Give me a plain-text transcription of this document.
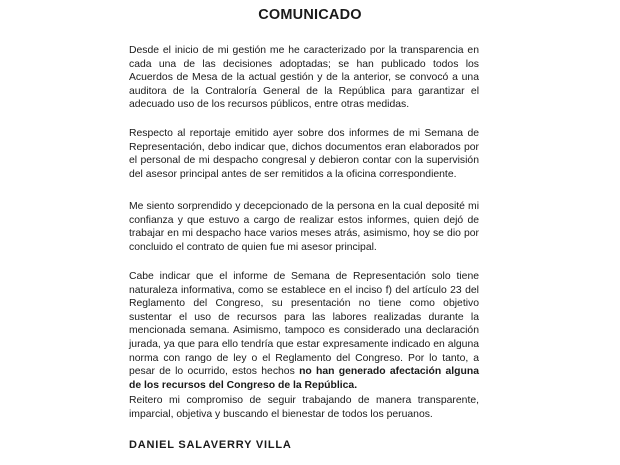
COMUNICADO

Desde el inicio de mi gestión me he caracterizado por la transparencia en cada una de las decisiones adoptadas; se han publicado todos los Acuerdos de Mesa de la actual gestión y de la anterior, se convocó a una auditora de la Contraloría General de la República para garantizar el adecuado uso de los recursos públicos, entre otras medidas.

Respecto al reportaje emitido ayer sobre dos informes de mi Semana de Representación, debo indicar que, dichos documentos eran elaborados por el personal de mi despacho congresal y debieron contar con la supervisión del asesor principal antes de ser remitidos a la oficina correspondiente.

Me siento sorprendido y decepcionado de la persona en la cual deposité mi confianza y que estuvo a cargo de realizar estos informes, quien dejó de trabajar en mi despacho hace varios meses atrás, asimismo, hoy se dio por concluido el contrato de quien fue mi asesor principal.

Cabe indicar que el informe de Semana de Representación solo tiene naturaleza informativa, como se establece en el inciso f) del artículo 23 del Reglamento del Congreso, su presentación no tiene como objetivo sustentar el uso de recursos para las labores realizadas durante la mencionada semana. Asimismo, tampoco es considerado una declaración jurada, ya que para ello tendría que estar expresamente indicado en alguna norma con rango de ley o el Reglamento del Congreso. Por lo tanto, a pesar de lo ocurrido, estos hechos no han generado afectación alguna de los recursos del Congreso de la República.

Reitero mi compromiso de seguir trabajando de manera transparente, imparcial, objetiva y buscando el bienestar de todos los peruanos.

DANIEL SALAVERRY VILLA
